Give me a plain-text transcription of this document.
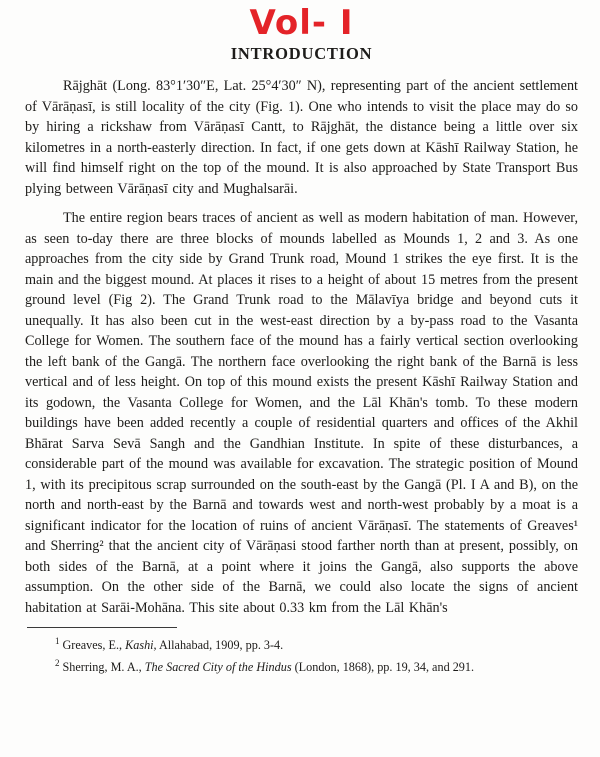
Vol- I
INTRODUCTION

Rājghāt (Long. 83°1′30″E, Lat. 25°4′30″ N), representing part of the ancient settlement of Vārāṇasī, is still locality of the city (Fig. 1). One who intends to visit the place may do so by hiring a rickshaw from Vārāṇasī Cantt, to Rājghāt, the distance being a little over six kilometres in a north-easterly direction. In fact, if one gets down at Kāshī Railway Station, he will find himself right on the top of the mound. It is also approached by State Transport Bus plying between Vārāṇasī city and Mughalsarāi.

The entire region bears traces of ancient as well as modern habitation of man. However, as seen to-day there are three blocks of mounds labelled as Mounds 1, 2 and 3. As one approaches from the city side by Grand Trunk road, Mound 1 strikes the eye first. It is the main and the biggest mound. At places it rises to a height of about 15 metres from the present ground level (Fig 2). The Grand Trunk road to the Mālavīya bridge and beyond cuts it unequally. It has also been cut in the west-east direction by a by-pass road to the Vasanta College for Women. The southern face of the mound has a fairly vertical section overlooking the left bank of the Gangā. The northern face overlooking the right bank of the Barnā is less vertical and of less height. On top of this mound exists the present Kāshī Railway Station and its godown, the Vasanta College for Women, and the Lāl Khān's tomb. To these modern buildings have been added recently a couple of residential quarters and offices of the Akhil Bhārat Sarva Sevā Sangh and the Gandhian Institute. In spite of these disturbances, a considerable part of the mound was available for excavation. The strategic position of Mound 1, with its precipitous scrap surrounded on the south-east by the Gangā (Pl. I A and B), on the north and north-east by the Barnā and towards west and north-west probably by a moat is a significant indicator for the location of ruins of ancient Vārāṇasī. The statements of Greaves¹ and Sherring² that the ancient city of Vārāṇasi stood farther north than at present, possibly, on both sides of the Barnā, at a point where it joins the Gangā, also supports the above assumption. On the other side of the Barnā, we could also locate the signs of ancient habitation at Sarāi-Mohāna. This site about 0.33 km from the Lāl Khān's

$^1$ Greaves, E., Kashi, Allahabad, 1909, pp. 3-4.

$^2$ Sherring, M. A., The Sacred City of the Hindus (London, 1868), pp. 19, 34, and 291.
